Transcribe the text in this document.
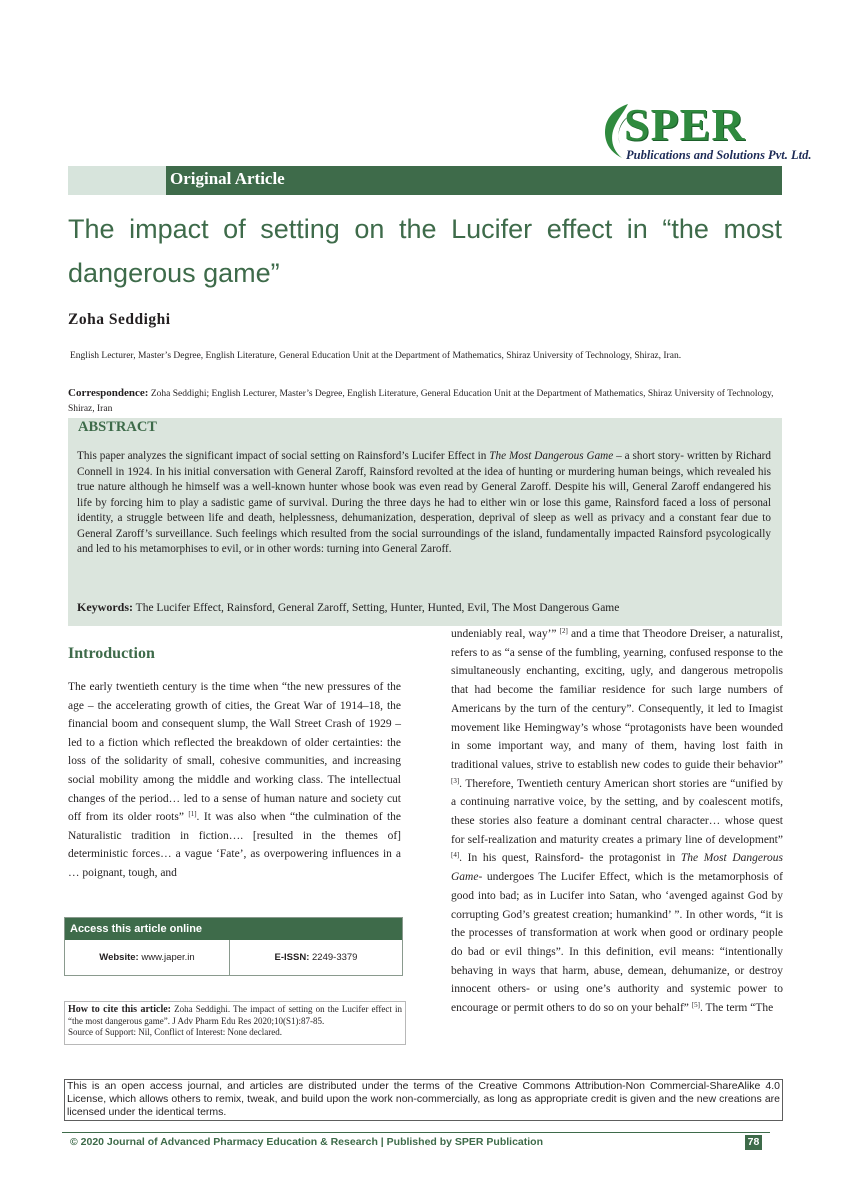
SPER
Publications and Solutions Pvt. Ltd.
Original Article
The impact of setting on the Lucifer effect in “the most dangerous game”
Zoha Seddighi
English Lecturer, Master’s Degree, English Literature, General Education Unit at the Department of Mathematics, Shiraz University of Technology, Shiraz, Iran.
Correspondence: Zoha Seddighi; English Lecturer, Master’s Degree, English Literature, General Education Unit at the Department of Mathematics, Shiraz University of Technology, Shiraz, Iran
ABSTRACT
This paper analyzes the significant impact of social setting on Rainsford’s Lucifer Effect in The Most Dangerous Game – a short story- written by Richard Connell in 1924. In his initial conversation with General Zaroff, Rainsford revolted at the idea of hunting or murdering human beings, which revealed his true nature although he himself was a well-known hunter whose book was even read by General Zaroff. Despite his will, General Zaroff endangered his life by forcing him to play a sadistic game of survival. During the three days he had to either win or lose this game, Rainsford faced a loss of personal identity, a struggle between life and death, helplessness, dehumanization, desperation, deprival of sleep as well as privacy and a constant fear due to General Zaroff’s surveillance. Such feelings which resulted from the social surroundings of the island, fundamentally impacted Rainsford psycologically and led to his metamorphises to evil, or in other words: turning into General Zaroff.
Keywords: The Lucifer Effect, Rainsford, General Zaroff, Setting, Hunter, Hunted, Evil, The Most Dangerous Game
Introduction
The early twentieth century is the time when “the new pressures of the age – the accelerating growth of cities, the Great War of 1914–18, the financial boom and consequent slump, the Wall Street Crash of 1929 – led to a fiction which reflected the breakdown of older certainties: the loss of the solidarity of small, cohesive communities, and increasing social mobility among the middle and working class. The intellectual changes of the period… led to a sense of human nature and society cut off from its older roots” [1]. It was also when “the culmination of the Naturalistic tradition in fiction…. [resulted in the themes of] deterministic forces… a vague ‘Fate’, as overpowering influences in a … poignant, tough, and
undeniably real, way’” [2] and a time that Theodore Dreiser, a naturalist, refers to as “a sense of the fumbling, yearning, confused response to the simultaneously enchanting, exciting, ugly, and dangerous metropolis that had become the familiar residence for such large numbers of Americans by the turn of the century”. Consequently, it led to Imagist movement like Hemingway’s whose “protagonists have been wounded in some important way, and many of them, having lost faith in traditional values, strive to establish new codes to guide their behavior” [3]. Therefore, Twentieth century American short stories are “unified by a continuing narrative voice, by the setting, and by coalescent motifs, these stories also feature a dominant central character… whose quest for self-realization and maturity creates a primary line of development” [4]. In his quest, Rainsford- the protagonist in The Most Dangerous Game- undergoes The Lucifer Effect, which is the metamorphosis of good into bad; as in Lucifer into Satan, who ‘avenged against God by corrupting God’s greatest creation; humankind’ ”. In other words, “it is the processes of transformation at work when good or ordinary people do bad or evil things”. In this definition, evil means: “intentionally behaving in ways that harm, abuse, demean, dehumanize, or destroy innocent others- or using one’s authority and systemic power to encourage or permit others to do so on your behalf” [5]. The term “The
Access this article online
Website: www.japer.in	E-ISSN: 2249-3379
How to cite this article: Zoha Seddighi. The impact of setting on the Lucifer effect in “the most dangerous game”. J Adv Pharm Edu Res 2020;10(S1):87-85.
Source of Support: Nil, Conflict of Interest: None declared.
This is an open access journal, and articles are distributed under the terms of the Creative Commons Attribution-Non Commercial-ShareAlike 4.0 License, which allows others to remix, tweak, and build upon the work non-commercially, as long as appropriate credit is given and the new creations are licensed under the identical terms.
© 2020 Journal of Advanced Pharmacy Education & Research | Published by SPER Publication	78
